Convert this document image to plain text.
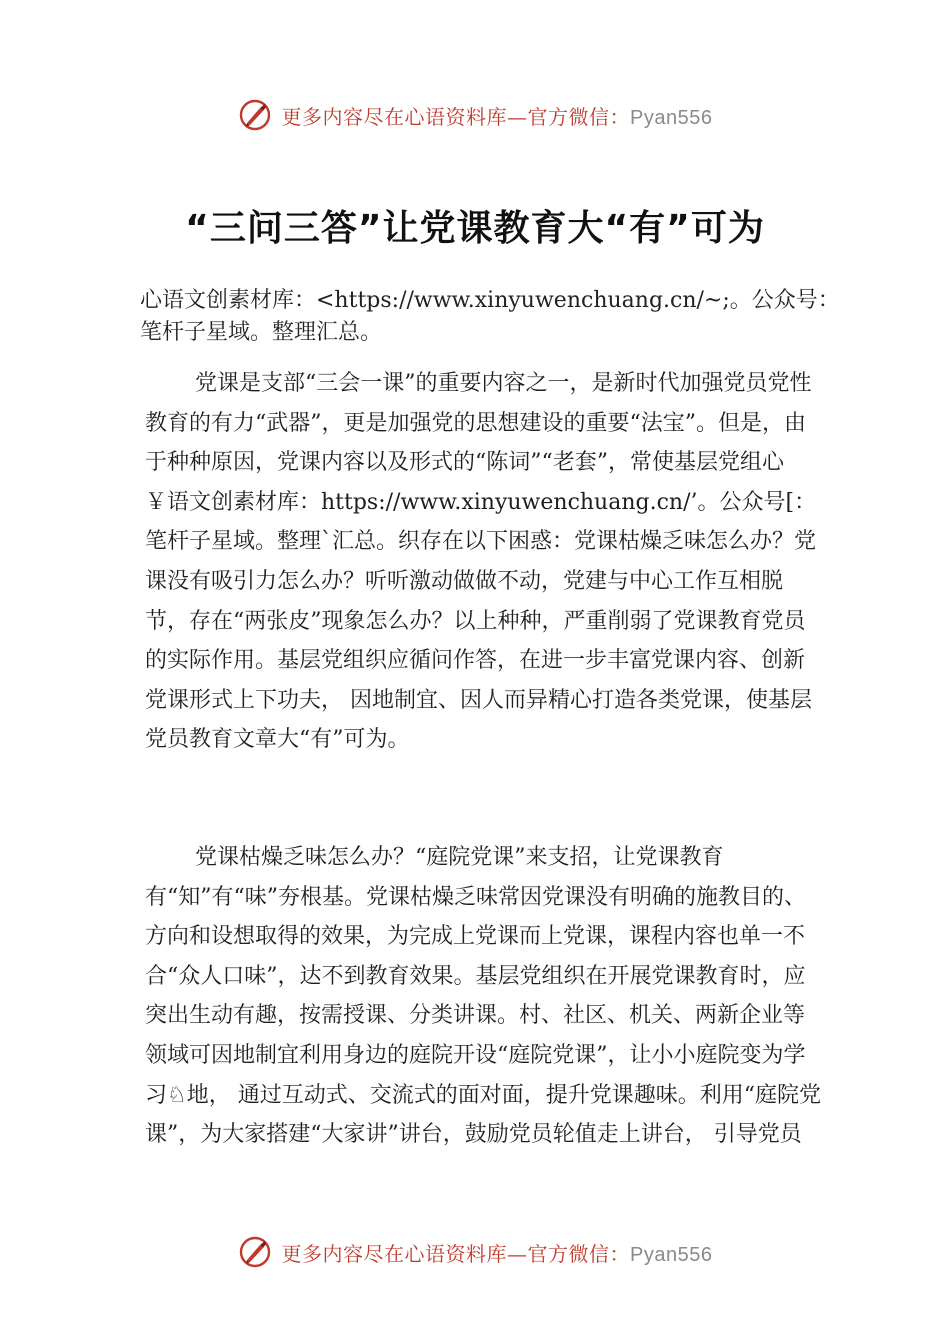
更多内容尽在心语资料库—官方微信：Pyan556
“三问三答”让党课教育大“有”可为
心语文创素材库：<https://www.xinyuwenchuang.cn/~;。公众号：笔杆子星域。整理汇总。

党课是支部“三会一课”的重要内容之一，是新时代加强党员党性教育的有力“武器”，更是加强党的思想建设的重要“法宝”。但是，由于种种原因，党课内容以及形式的“陈词”“老套”，常使基层党组心￥语文创素材库：https://www.xinyuwenchuang.cn/’。公众号[：笔杆子星域。整理`汇总。织存在以下困惑：党课枯燥乏味怎么办？党课没有吸引力怎么办？听听激动做做不动，党建与中心工作互相脱节，存在“两张皮”现象怎么办？以上种种，严重削弱了党课教育党员的实际作用。基层党组织应循问作答，在进一步丰富党课内容、创新党课形式上下功夫， 因地制宜、因人而异精心打造各类党课，使基层党员教育文章大“有”可为。

党课枯燥乏味怎么办？“庭院党课”来支招，让党课教育有“知”有“味”夯根基。党课枯燥乏味常因党课没有明确的施教目的、方向和设想取得的效果，为完成上党课而上党课，课程内容也单一不合“众人口味”，达不到教育效果。基层党组织在开展党课教育时，应突出生动有趣，按需授课、分类讲课。村、社区、机关、两新企业等领域可因地制宜利用身边的庭院开设“庭院党课”，让小小庭院变为学习♘地， 通过互动式、交流式的面对面，提升党课趣味。利用“庭院党课”，为大家搭建“大家讲”讲台，鼓励党员轮值走上讲台， 引导党员

更多内容尽在心语资料库—官方微信：Pyan556
